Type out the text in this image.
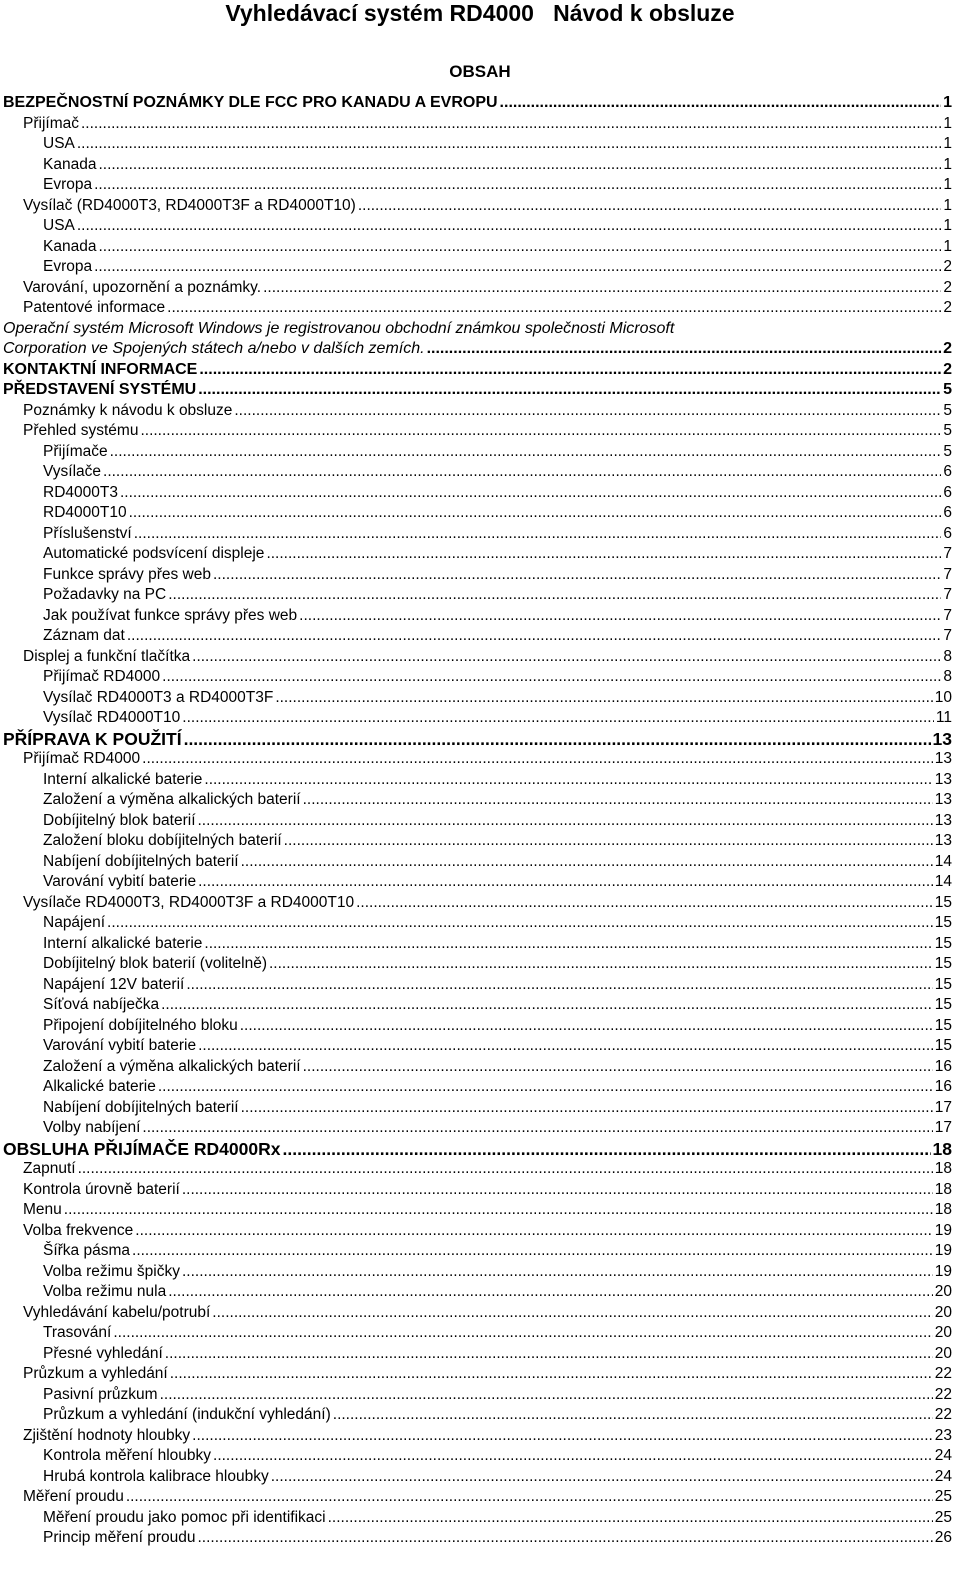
Vyhledávací systém RD4000   Návod k obsluze
OBSAH
BEZPEČNOSTNÍ POZNÁMKY DLE FCC PRO KANADU A EVROPU .....	1
Přijímač .....	1
USA .....	1
Kanada .....	1
Evropa .....	1
Vysílač (RD4000T3, RD4000T3F a RD4000T10) .....	1
USA .....	1
Kanada .....	1
Evropa .....	2
Varování, upozornění a poznámky. .....	2
Patentové informace .....	2
Operační systém Microsoft Windows je registrovanou obchodní známkou společnosti Microsoft
Corporation ve Spojených státech a/nebo v dalších zemích. .....	2
KONTAKTNÍ INFORMACE .....	2
PŘEDSTAVENÍ SYSTÉMU .....	5
Poznámky k návodu k obsluze .....	5
Přehled systému .....	5
Přijímače .....	5
Vysílače .....	6
RD4000T3 .....	6
RD4000T10 .....	6
Příslušenství .....	6
Automatické podsvícení displeje .....	7
Funkce správy přes web .....	7
Požadavky na PC .....	7
Jak používat funkce správy přes web .....	7
Záznam dat .....	7
Displej a funkční tlačítka .....	8
Přijímač RD4000 .....	8
Vysílač RD4000T3 a RD4000T3F .....	10
Vysílač RD4000T10 .....	11
PŘÍPRAVA K POUŽITÍ .....	13
Přijímač RD4000 .....	13
Interní alkalické baterie .....	13
Založení a výměna alkalických baterií .....	13
Dobíjitelný blok baterií .....	13
Založení bloku dobíjitelných baterií .....	13
Nabíjení dobíjitelných baterií .....	14
Varování vybití baterie .....	14
Vysílače RD4000T3, RD4000T3F a RD4000T10 .....	15
Napájení .....	15
Interní alkalické baterie .....	15
Dobíjitelný blok baterií (volitelně) .....	15
Napájení 12V baterií .....	15
Síťová nabíječka .....	15
Připojení dobíjitelného bloku .....	15
Varování vybití baterie .....	15
Založení a výměna alkalických baterií .....	16
Alkalické baterie .....	16
Nabíjení dobíjitelných baterií .....	17
Volby nabíjení .....	17
OBSLUHA PŘIJÍMAČE RD4000Rx .....	18
Zapnutí .....	18
Kontrola úrovně baterií .....	18
Menu .....	18
Volba frekvence .....	19
Šířka pásma .....	19
Volba režimu špičky .....	19
Volba režimu nula .....	20
Vyhledávání kabelu/potrubí .....	20
Trasování .....	20
Přesné vyhledání .....	20
Průzkum a vyhledání .....	22
Pasivní průzkum .....	22
Průzkum a vyhledání (indukční vyhledání) .....	22
Zjištění hodnoty hloubky .....	23
Kontrola měření hloubky .....	24
Hrubá kontrola kalibrace hloubky .....	24
Měření proudu .....	25
Měření proudu jako pomoc při identifikaci .....	25
Princip měření proudu .....	26
